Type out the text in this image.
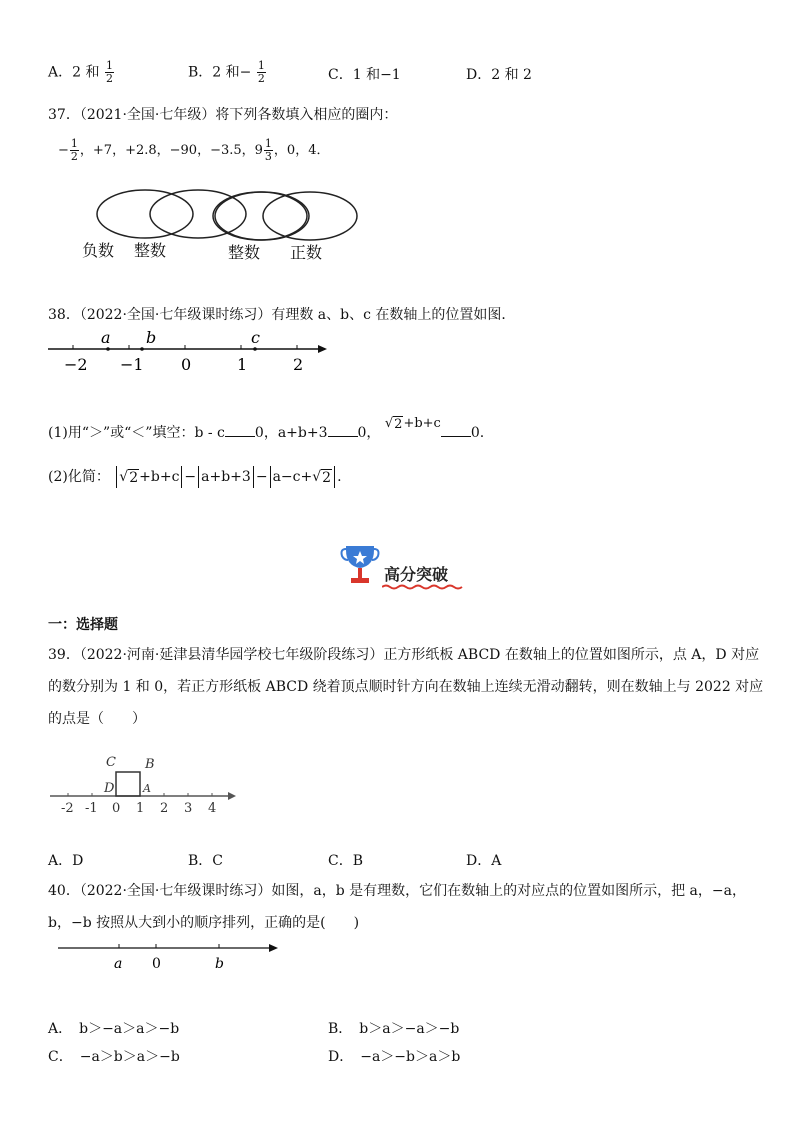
A．2 和 $\frac{1}{2}$	B．2 和− $\frac{1}{2}$	C．1 和−1	D．2 和 2
37．（2021·全国·七年级）将下列各数填入相应的圈内：
− $\frac{1}{2}$ ，+7，+2.8，−90，−3.5，$9 \frac{1}{3}$ ，0，4．
负数 整数	整数 正数
38．（2022·全国·七年级课时练习）有理数 a、b、c 在数轴上的位置如图．
−2 −1 0	1	2
a b	c
(1)用“＞”或“＜”填空：b - c 0，a+b+3 0， √ 2 +b+c
0.
(2)化简： √ 2 +b+c − a+b+3 − a−c+√ 2 .
高分突破
一：选择题
39．（2022·河南·延津县清华园学校七年级阶段练习）正方形纸板 ABCD 在数轴上的位置如图所示，点 A，D 对应
的数分别为 1 和 0，若正方形纸板 ABCD 绕着顶点顺时针方向在数轴上连续无滑动翻转，则在数轴上与 2022 对应
的点是（　　）
-2 -1 0 1 2 3 4
C B
D	A
A．D	B．C	C．B	D．A
40．（2022·全国·七年级课时练习）如图，a，b 是有理数，它们在数轴上的对应点的位置如图所示，把 a，−a，
b，−b 按照从大到小的顺序排列，正确的是(　　)
a 0	b
A．　b＞−a＞a＞−b	B．　b＞a＞−a＞−b
C．　−a＞b＞a＞−b	D．　−a＞−b＞a＞b
